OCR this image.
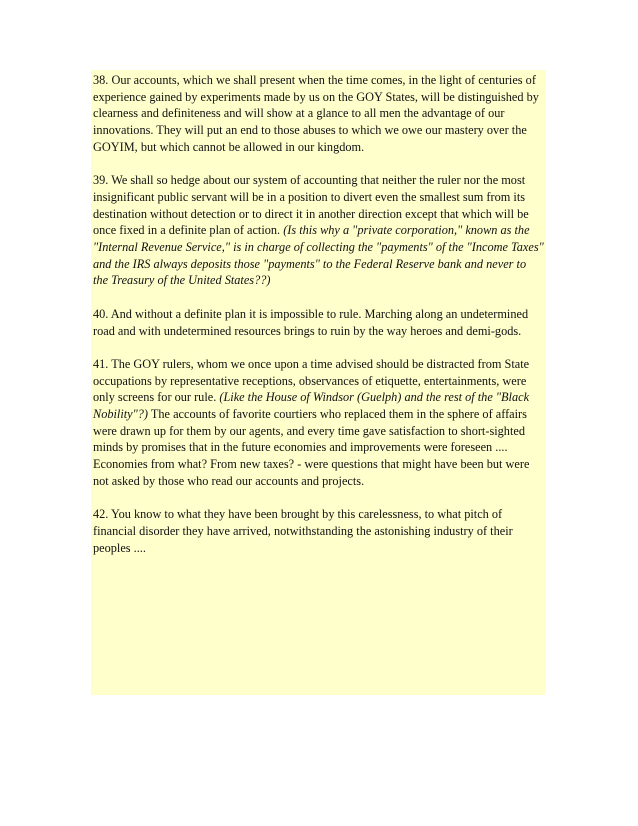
38. Our accounts, which we shall present when the time comes, in the light of centuries of experience gained by experiments made by us on the GOY States, will be distinguished by clearness and definiteness and will show at a glance to all men the advantage of our innovations. They will put an end to those abuses to which we owe our mastery over the GOYIM, but which cannot be allowed in our kingdom.

39. We shall so hedge about our system of accounting that neither the ruler nor the most insignificant public servant will be in a position to divert even the smallest sum from its destination without detection or to direct it in another direction except that which will be once fixed in a definite plan of action. (Is this why a "private corporation," known as the "Internal Revenue Service," is in charge of collecting the "payments" of the "Income Taxes" and the IRS always deposits those "payments" to the Federal Reserve bank and never to the Treasury of the United States??)

40. And without a definite plan it is impossible to rule. Marching along an undetermined road and with undetermined resources brings to ruin by the way heroes and demi-gods.

41. The GOY rulers, whom we once upon a time advised should be distracted from State occupations by representative receptions, observances of etiquette, entertainments, were only screens for our rule. (Like the House of Windsor (Guelph) and the rest of the "Black Nobility"?) The accounts of favorite courtiers who replaced them in the sphere of affairs were drawn up for them by our agents, and every time gave satisfaction to short-sighted minds by promises that in the future economies and improvements were foreseen .... Economies from what? From new taxes? - were questions that might have been but were not asked by those who read our accounts and projects.

42. You know to what they have been brought by this carelessness, to what pitch of financial disorder they have arrived, notwithstanding the astonishing industry of their peoples ....
